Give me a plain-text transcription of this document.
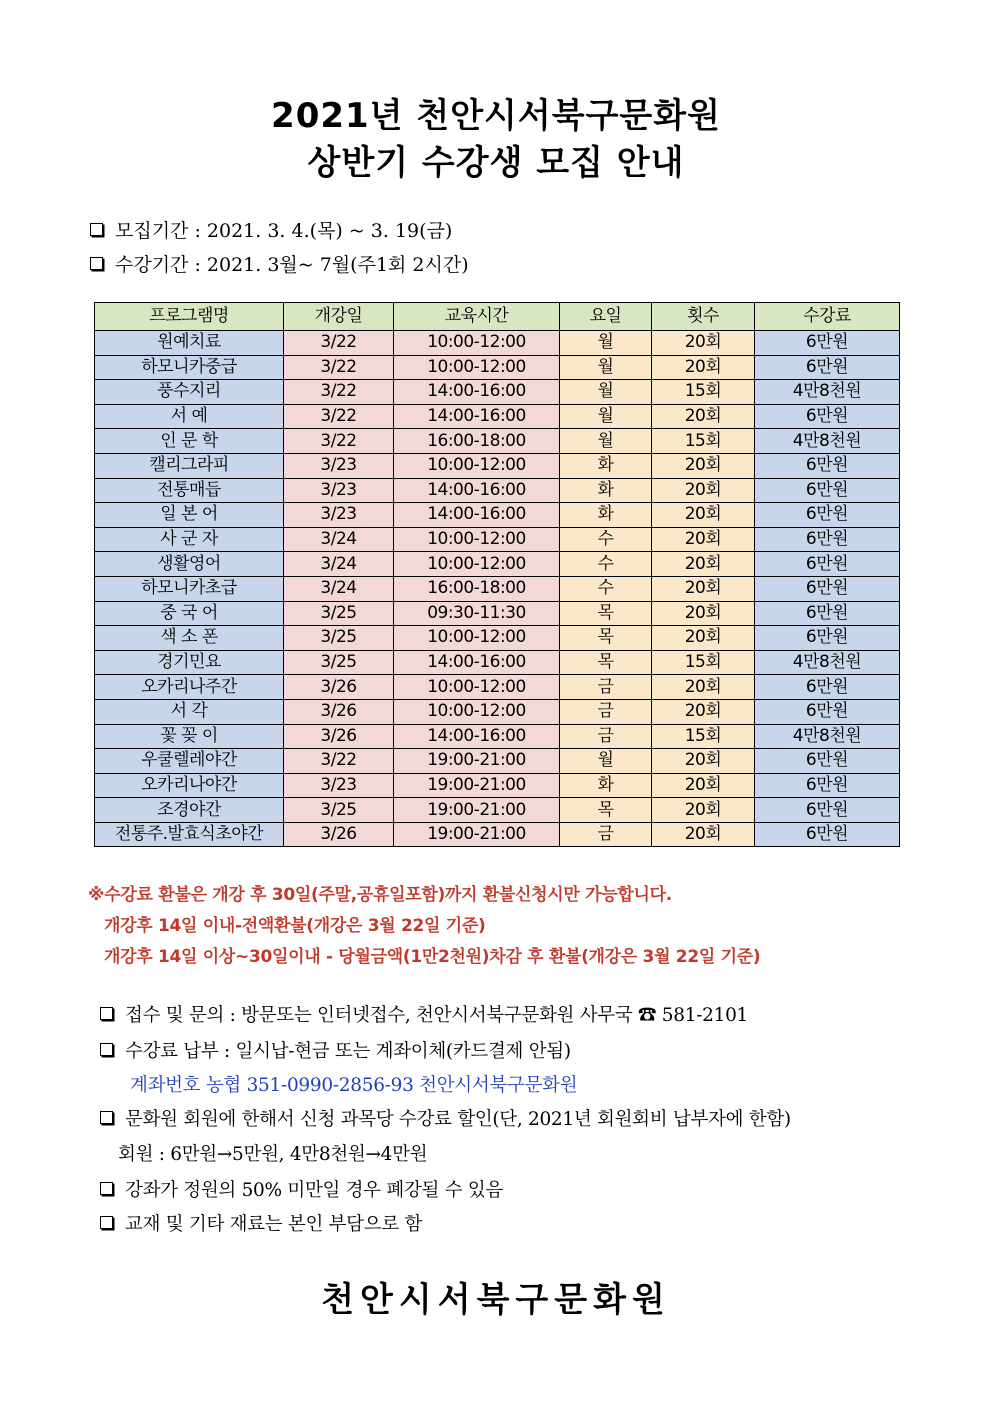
2021년 천안시서북구문화원
상반기 수강생 모집 안내
모집기간 : 2021. 3. 4.(목) ~ 3. 19(금)
수강기간 : 2021. 3월~ 7월(주1회 2시간)
프로그램명	개강일	교육시간	요일	횟수	수강료
원예치료	3/22	10:00-12:00	월	20회	6만원
하모니카중급	3/22	10:00-12:00	월	20회	6만원
풍수지리	3/22	14:00-16:00	월	15회	4만8천원
서 예	3/22	14:00-16:00	월	20회	6만원
인 문 학	3/22	16:00-18:00	월	15회	4만8천원
캘리그라피	3/23	10:00-12:00	화	20회	6만원
전통매듭	3/23	14:00-16:00	화	20회	6만원
일 본 어	3/23	14:00-16:00	화	20회	6만원
사 군 자	3/24	10:00-12:00	수	20회	6만원
생활영어	3/24	10:00-12:00	수	20회	6만원
하모니카초급	3/24	16:00-18:00	수	20회	6만원
중 국 어	3/25	09:30-11:30	목	20회	6만원
색 소 폰	3/25	10:00-12:00	목	20회	6만원
경기민요	3/25	14:00-16:00	목	15회	4만8천원
오카리나주간	3/26	10:00-12:00	금	20회	6만원
서 각	3/26	10:00-12:00	금	20회	6만원
꽃 꽂 이	3/26	14:00-16:00	금	15회	4만8천원
우쿨렐레야간	3/22	19:00-21:00	월	20회	6만원
오카리나야간	3/23	19:00-21:00	화	20회	6만원
조경야간	3/25	19:00-21:00	목	20회	6만원
전통주.발효식초야간	3/26	19:00-21:00	금	20회	6만원
※수강료 환불은 개강 후 30일(주말,공휴일포함)까지 환불신청시만 가능합니다.
개강후 14일 이내-전액환불(개강은 3월 22일 기준)
개강후 14일 이상~30일이내 - 당월금액(1만2천원)차감 후 환불(개강은 3월 22일 기준)
접수 및 문의 : 방문또는 인터넷접수, 천안시서북구문화원 사무국 ☎ 581-2101
수강료 납부 : 일시납-현금 또는 계좌이체(카드결제 안됨)
계좌번호 농협 351-0990-2856-93 천안시서북구문화원
문화원 회원에 한해서 신청 과목당 수강료 할인(단, 2021년 회원회비 납부자에 한함)
회원 : 6만원→5만원, 4만8천원→4만원
강좌가 정원의 50% 미만일 경우 폐강될 수 있음
교재 및 기타 재료는 본인 부담으로 함
천안시서북구문화원
